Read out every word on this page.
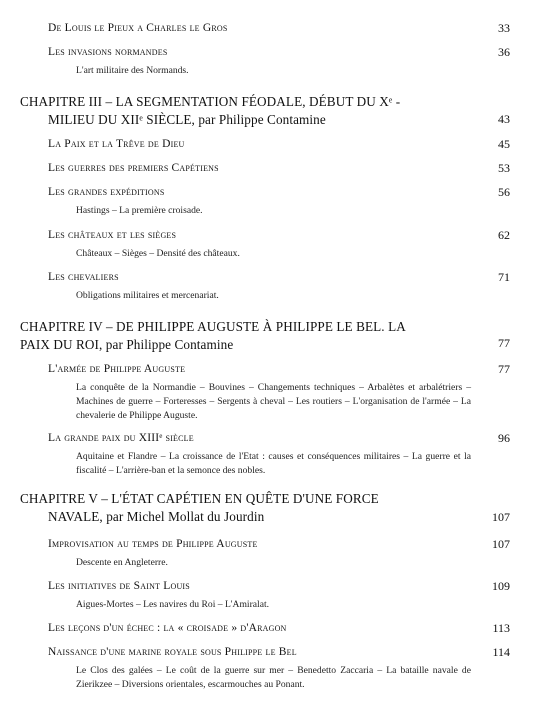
De Louis le Pieux a Charles le Gros	33
Les invasions normandes	36
L'art militaire des Normands.
CHAPITRE III – LA SEGMENTATION FÉODALE, DÉBUT DU Xᵉ -
MILIEU DU XIIᵉ SIÈCLE, par Philippe Contamine	43
La Paix et la Trêve de Dieu	45
Les guerres des premiers Capétiens	53
Les grandes expéditions	56
Hastings – La première croisade.
Les châteaux et les sièges	62
Châteaux – Sièges – Densité des châteaux.
Les chevaliers	71
Obligations militaires et mercenariat.
CHAPITRE IV – DE PHILIPPE AUGUSTE À PHILIPPE LE BEL. LA
PAIX DU ROI, par Philippe Contamine	77
L'armée de Philippe Auguste	77
La conquête de la Normandie – Bouvines – Changements techniques – Arbalètes et arbalétriers – Machines de guerre – Forteresses – Sergents à cheval – Les routiers – L'organisation de l'armée – La chevalerie de Philippe Auguste.
La grande paix du XIIIᵉ siècle	96
Aquitaine et Flandre – La croissance de l'Etat : causes et conséquences militaires – La guerre et la fiscalité – L'arrière-ban et la semonce des nobles.
CHAPITRE V – L'ÉTAT CAPÉTIEN EN QUÊTE D'UNE FORCE
NAVALE, par Michel Mollat du Jourdin	107
Improvisation au temps de Philippe Auguste	107
Descente en Angleterre.
Les initiatives de Saint Louis	109
Aigues-Mortes – Les navires du Roi – L'Amiralat.
Les leçons d'un échec : la « croisade » d'Aragon	113
Naissance d'une marine royale sous Philippe le Bel	114
Le Clos des galées – Le coût de la guerre sur mer – Benedetto Zaccaria – La bataille navale de Zierikzee – Diversions orientales, escarmouches au Ponant.
